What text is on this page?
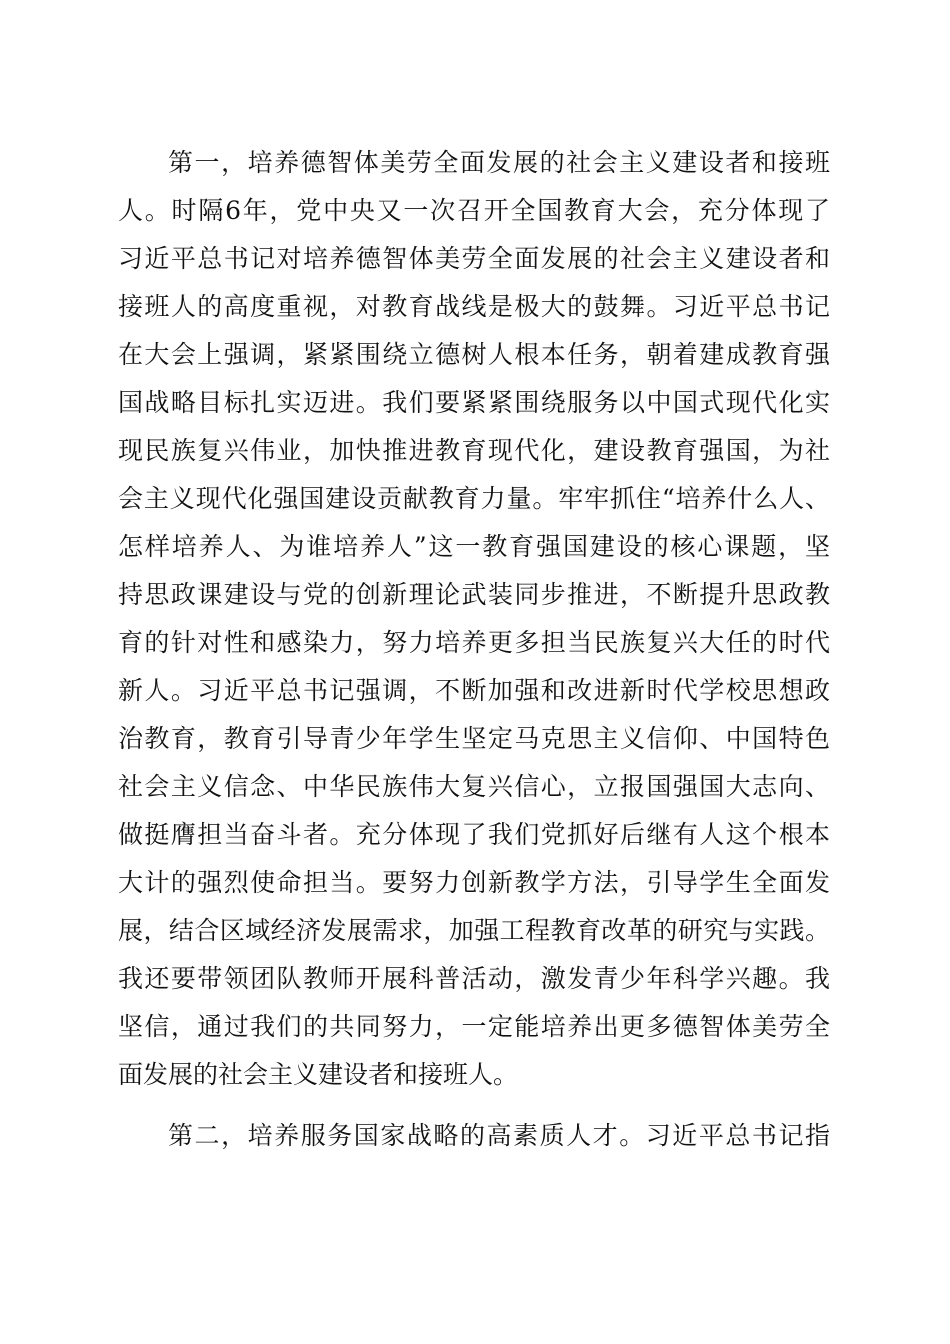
第一，培养德智体美劳全面发展的社会主义建设者和接班
人。时隔6年，党中央又一次召开全国教育大会，充分体现了
习近平总书记对培养德智体美劳全面发展的社会主义建设者和
接班人的高度重视，对教育战线是极大的鼓舞。习近平总书记
在大会上强调，紧紧围绕立德树人根本任务，朝着建成教育强
国战略目标扎实迈进。我们要紧紧围绕服务以中国式现代化实
现民族复兴伟业，加快推进教育现代化，建设教育强国，为社
会主义现代化强国建设贡献教育力量。牢牢抓住“培养什么人、
怎样培养人、为谁培养人”这一教育强国建设的核心课题，坚
持思政课建设与党的创新理论武装同步推进，不断提升思政教
育的针对性和感染力，努力培养更多担当民族复兴大任的时代
新人。习近平总书记强调，不断加强和改进新时代学校思想政
治教育，教育引导青少年学生坚定马克思主义信仰、中国特色
社会主义信念、中华民族伟大复兴信心，立报国强国大志向、
做挺膺担当奋斗者。充分体现了我们党抓好后继有人这个根本
大计的强烈使命担当。要努力创新教学方法，引导学生全面发
展，结合区域经济发展需求，加强工程教育改革的研究与实践。
我还要带领团队教师开展科普活动，激发青少年科学兴趣。我
坚信，通过我们的共同努力，一定能培养出更多德智体美劳全
面发展的社会主义建设者和接班人。
第二，培养服务国家战略的高素质人才。习近平总书记指
